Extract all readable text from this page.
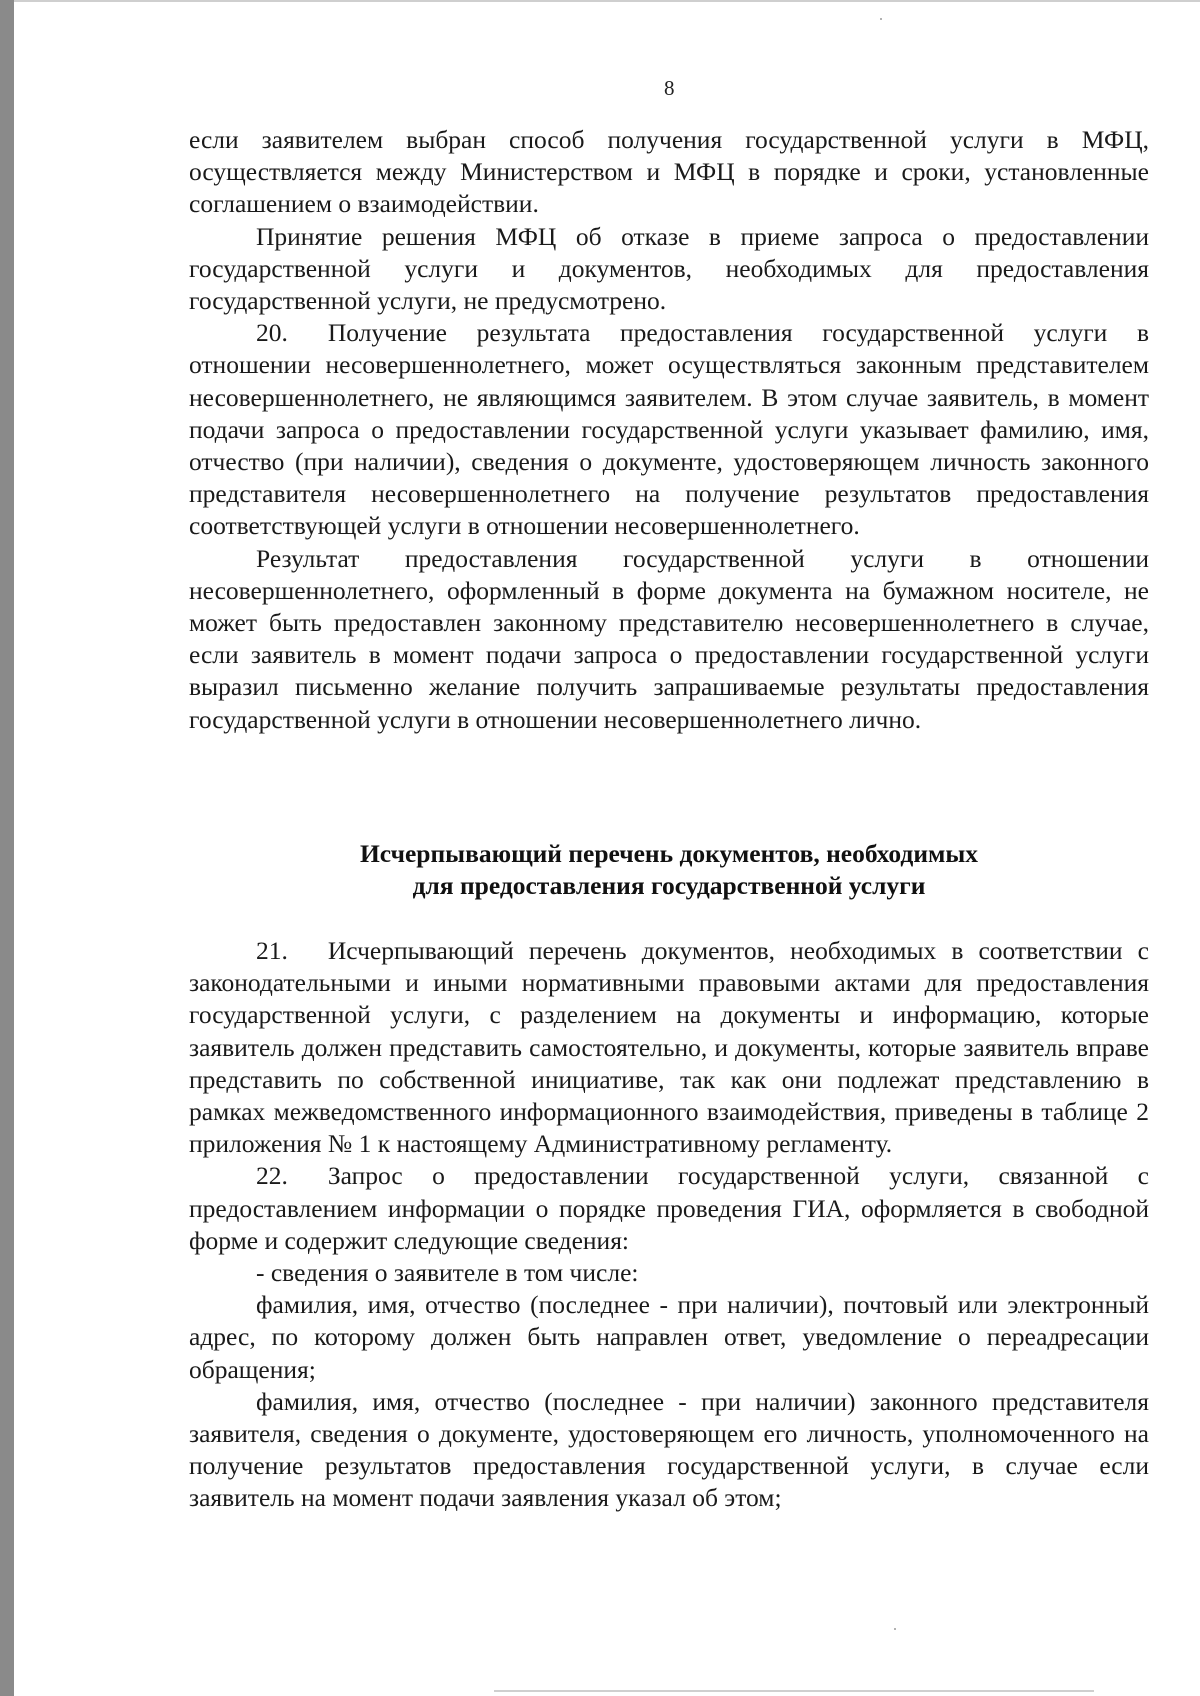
8

если заявителем выбран способ получения государственной услуги в МФЦ, осуществляется между Министерством и МФЦ в порядке и сроки, установленные соглашением о взаимодействии.

Принятие решения МФЦ об отказе в приеме запроса о предоставлении государственной услуги и документов, необходимых для предоставления государственной услуги, не предусмотрено.

20. Получение результата предоставления государственной услуги в отношении несовершеннолетнего, может осуществляться законным представителем несовершеннолетнего, не являющимся заявителем. В этом случае заявитель, в момент подачи запроса о предоставлении государственной услуги указывает фамилию, имя, отчество (при наличии), сведения о документе, удостоверяющем личность законного представителя несовершеннолетнего на получение результатов предоставления соответствующей услуги в отношении несовершеннолетнего.

Результат предоставления государственной услуги в отношении несовершеннолетнего, оформленный в форме документа на бумажном носителе, не может быть предоставлен законному представителю несовершеннолетнего в случае, если заявитель в момент подачи запроса о предоставлении государственной услуги выразил письменно желание получить запрашиваемые результаты предоставления государственной услуги в отношении несовершеннолетнего лично.

Исчерпывающий перечень документов, необходимых
для предоставления государственной услуги

21. Исчерпывающий перечень документов, необходимых в соответствии с законодательными и иными нормативными правовыми актами для предоставления государственной услуги, с разделением на документы и информацию, которые заявитель должен представить самостоятельно, и документы, которые заявитель вправе представить по собственной инициативе, так как они подлежат представлению в рамках межведомственного информационного взаимодействия, приведены в таблице 2 приложения № 1 к настоящему Административному регламенту.

22. Запрос о предоставлении государственной услуги, связанной с предоставлением информации о порядке проведения ГИА, оформляется в свободной форме и содержит следующие сведения:

- сведения о заявителе в том числе:

фамилия, имя, отчество (последнее - при наличии), почтовый или электронный адрес, по которому должен быть направлен ответ, уведомление о переадресации обращения;

фамилия, имя, отчество (последнее - при наличии) законного представителя заявителя, сведения о документе, удостоверяющем его личность, уполномоченного на получение результатов предоставления государственной услуги, в случае если заявитель на момент подачи заявления указал об этом;
